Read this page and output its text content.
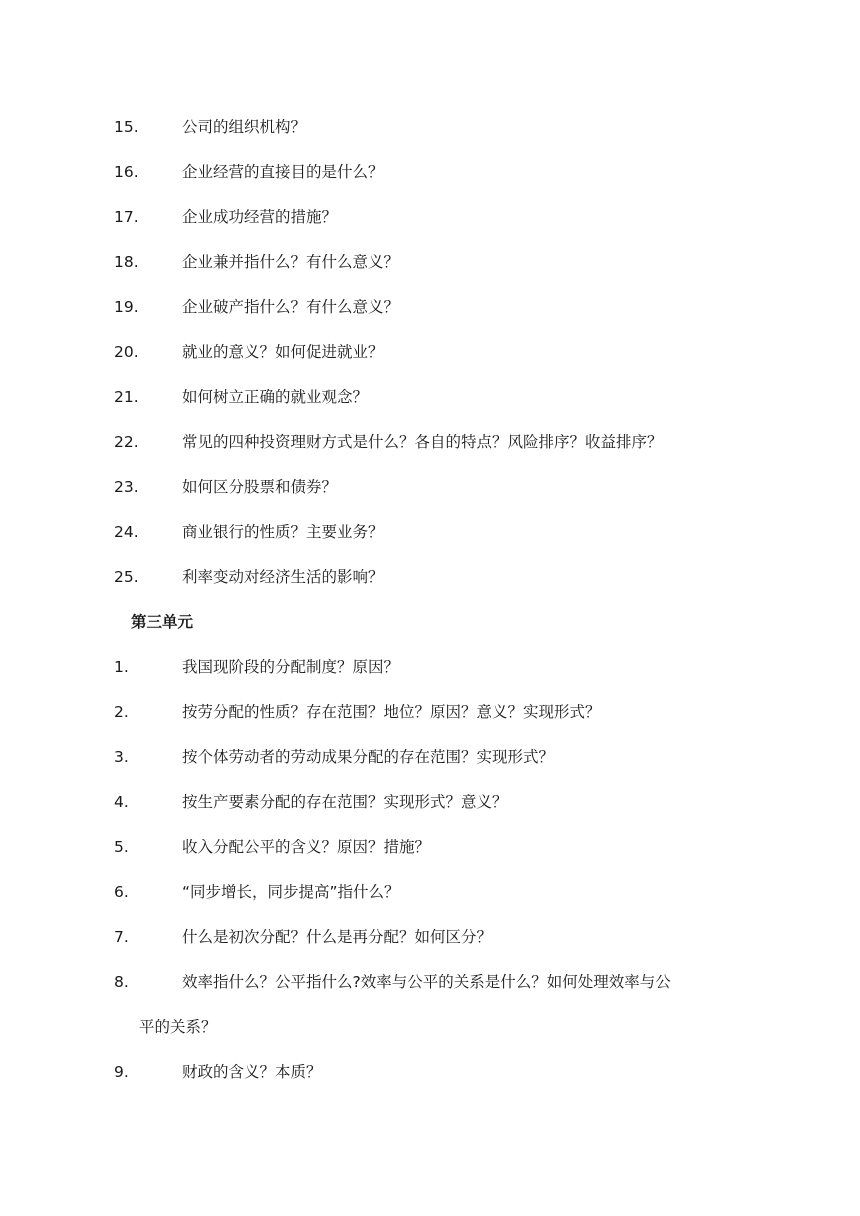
15.	公司的组织机构？
16.	企业经营的直接目的是什么？
17.	企业成功经营的措施？
18.	企业兼并指什么？有什么意义？
19.	企业破产指什么？有什么意义？
20.	就业的意义？如何促进就业？
21.	如何树立正确的就业观念？
22.	常见的四种投资理财方式是什么？各自的特点？风险排序？收益排序？
23.	如何区分股票和债券？
24.	商业银行的性质？主要业务？
25.	利率变动对经济生活的影响？
第三单元
1.	我国现阶段的分配制度？原因？
2.	按劳分配的性质？存在范围？地位？原因？意义？实现形式？
3.	按个体劳动者的劳动成果分配的存在范围？实现形式？
4.	按生产要素分配的存在范围？实现形式？意义？
5.	收入分配公平的含义？原因？措施？
6.	“同步增长，同步提高”指什么？
7.	什么是初次分配？什么是再分配？如何区分？
8.	效率指什么？公平指什么?效率与公平的关系是什么？如何处理效率与公
平的关系？
9.	财政的含义？本质？
